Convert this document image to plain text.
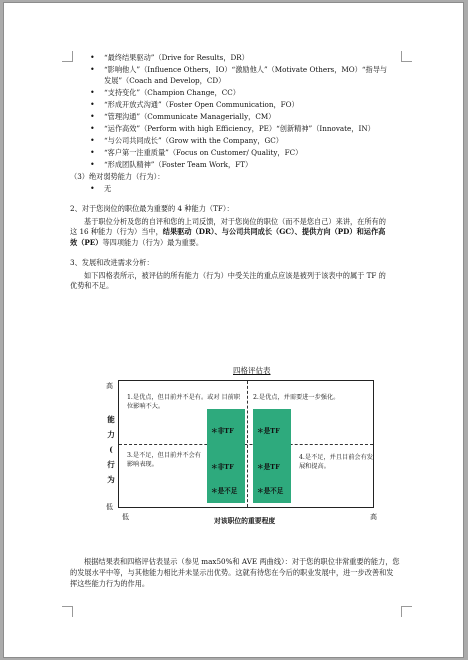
• “最终结果驱动”（Drive for Results，DR）
• “影响他人”（Influence Others，IO）“激励他人”（Motivate Others，MO）“指导与发展”（Coach and Develop，CD）
• “支持变化”（Champion Change，CC）
• “形成开放式沟通”（Foster Open Communication，FO）
• “管理沟通”（Communicate Managerially，CM）
• “运作高效”（Perform with high Efficiency，PE）“创新精神”（Innovate，IN）
• “与公司共同成长”（Grow with the Company，GC）
• “客户第一注重质量”（Focus on Customer/ Quality，FC）
• “形成团队精神”（Foster Team Work，FT）

（3）绝对弱势能力（行为）：

• 无

2、对于您岗位的职位最为重要的 4 种能力（TF）：

基于职位分析及您的自评和您的上司反馈，对于您岗位的职位（而不是您自己）来讲，在所有的这 16 种能力（行为）当中，结果驱动（DR）、与公司共同成长（GC）、提供方向（PD）和运作高效（PE）等四项能力（行为）最为重要。

3、发展和改进需求分析：

如下四格表所示，被评估的所有能力（行为）中受关注的重点应该是被列于该表中的属于 TF 的优势和不足。

四格评估表
高
能
力
(
行
为
低
1.是优点，但目前并不是有。或对 目前职位影响不大。
2.是优点，并需要进一步强化。
3.是不足，但目前并不会有影响表现。
4.是不足，并且目前会有发展和提高。
＊非TF	＊是TF
＊非TF	＊是TF
＊是不足	＊是不足
低	对该职位的重要程度	高

根据结果表和四格评估表显示（参见 max50%和 AVE 两曲线）：对于您的职位非常重要的能力，您的发展水平中等，与其他能力相比并未显示出优势。这就有待您在今后的职业发展中，进一步改善和发挥这些能力行为的作用。
